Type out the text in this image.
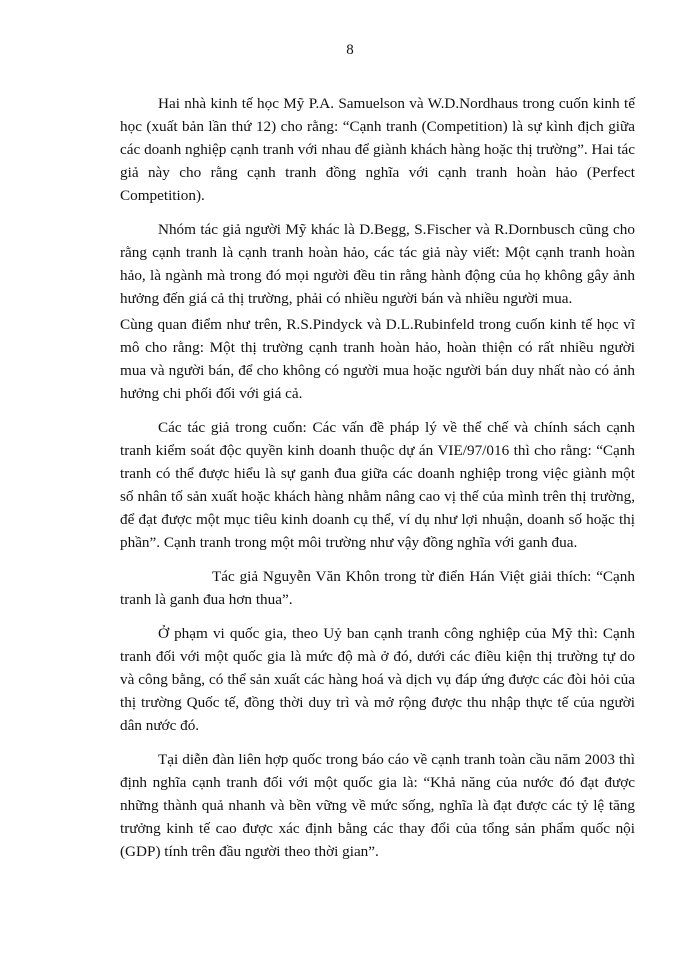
8

Hai nhà kinh tế học Mỹ P.A. Samuelson và W.D.Nordhaus trong cuốn kinh tế học (xuất bản lần thứ 12) cho rằng: “Cạnh tranh (Competition) là sự kình địch giữa các doanh nghiệp cạnh tranh với nhau để giành khách hàng hoặc thị trường”. Hai tác giả này cho rằng cạnh tranh đồng nghĩa với cạnh tranh hoàn hảo (Perfect Competition).

Nhóm tác giả người Mỹ khác là D.Begg, S.Fischer và R.Dornbusch cũng cho rằng cạnh tranh là cạnh tranh hoàn hảo, các tác giả này viết: Một cạnh tranh hoàn hảo, là ngành mà trong đó mọi người đều tin rằng hành động của họ không gây ảnh hưởng đến giá cả thị trường, phải có nhiều người bán và nhiều người mua.

Cùng quan điểm như trên, R.S.Pindyck và D.L.Rubinfeld trong cuốn kinh tế học vĩ mô cho rằng: Một thị trường cạnh tranh hoàn hảo, hoàn thiện có rất nhiều người mua và người bán, để cho không có người mua hoặc người bán duy nhất nào có ảnh hưởng chi phối đối với giá cả.

Các tác giả trong cuốn: Các vấn đề pháp lý về thể chế và chính sách cạnh tranh kiểm soát độc quyền kinh doanh thuộc dự án VIE/97/016 thì cho rằng: “Cạnh tranh có thể được hiểu là sự ganh đua giữa các doanh nghiệp trong việc giành một số nhân tố sản xuất hoặc khách hàng nhằm nâng cao vị thế của mình trên thị trường, để đạt được một mục tiêu kinh doanh cụ thể, ví dụ như lợi nhuận, doanh số hoặc thị phần”. Cạnh tranh trong một môi trường như vậy đồng nghĩa với ganh đua.

Tác giả Nguyễn Văn Khôn trong từ điển Hán Việt giải thích: “Cạnh tranh là ganh đua hơn thua”.

Ở phạm vi quốc gia, theo Uỷ ban cạnh tranh công nghiệp của Mỹ thì: Cạnh tranh đối với một quốc gia là mức độ mà ở đó, dưới các điều kiện thị trường tự do và công bằng, có thể sản xuất các hàng hoá và dịch vụ đáp ứng được các đòi hỏi của thị trường Quốc tế, đồng thời duy trì và mở rộng được thu nhập thực tế của người dân nước đó.

Tại diễn đàn liên hợp quốc trong báo cáo về cạnh tranh toàn cầu năm 2003 thì định nghĩa cạnh tranh đối với một quốc gia là: “Khả năng của nước đó đạt được những thành quả nhanh và bền vững về mức sống, nghĩa là đạt được các tỷ lệ tăng trưởng kinh tế cao được xác định bằng các thay đổi của tổng sản phẩm quốc nội (GDP) tính trên đầu người theo thời gian”.
